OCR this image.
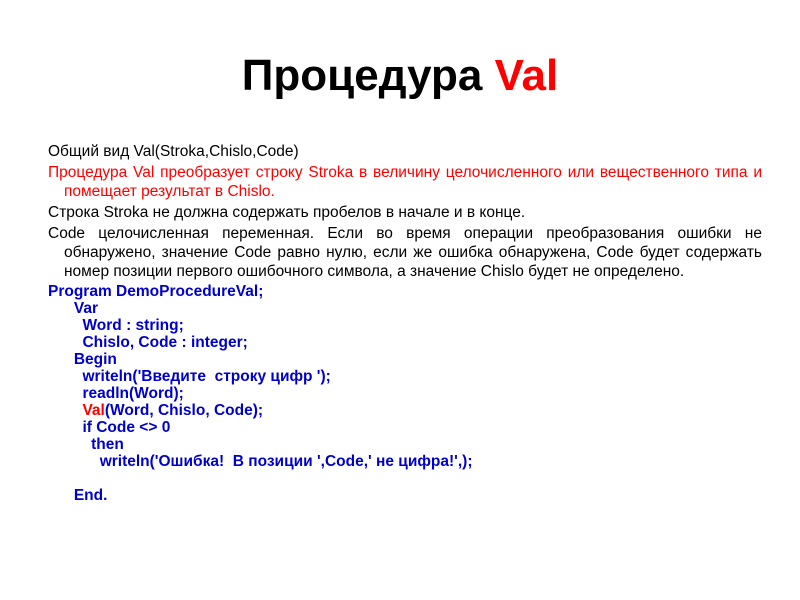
Процедура Val

Общий вид Val(Stroka,Chislo,Code)

Процедура Val преобразует строку Stroka в величину целочисленного или вещественного типа и помещает результат в Chislo.

Строка Stroka не должна содержать пробелов в начале и в конце.

Code целочисленная переменная. Если во время операции преобразования ошибки не обнаружено, значение Code равно нулю, если же ошибка обнаружена, Code будет содержать номер позиции первого ошибочного символа, а значение Chislo будет не определено.

Program DemoProcedureVal;
Var
Word : string;
Chislo, Code : integer;
Begin
writeln('Введите  строку цифр ');
readln(Word);
Val(Word, Chislo, Code);
if Code <> 0
then
writeln('Ошибка!  В позиции ',Code,' не цифра!',);

End.
